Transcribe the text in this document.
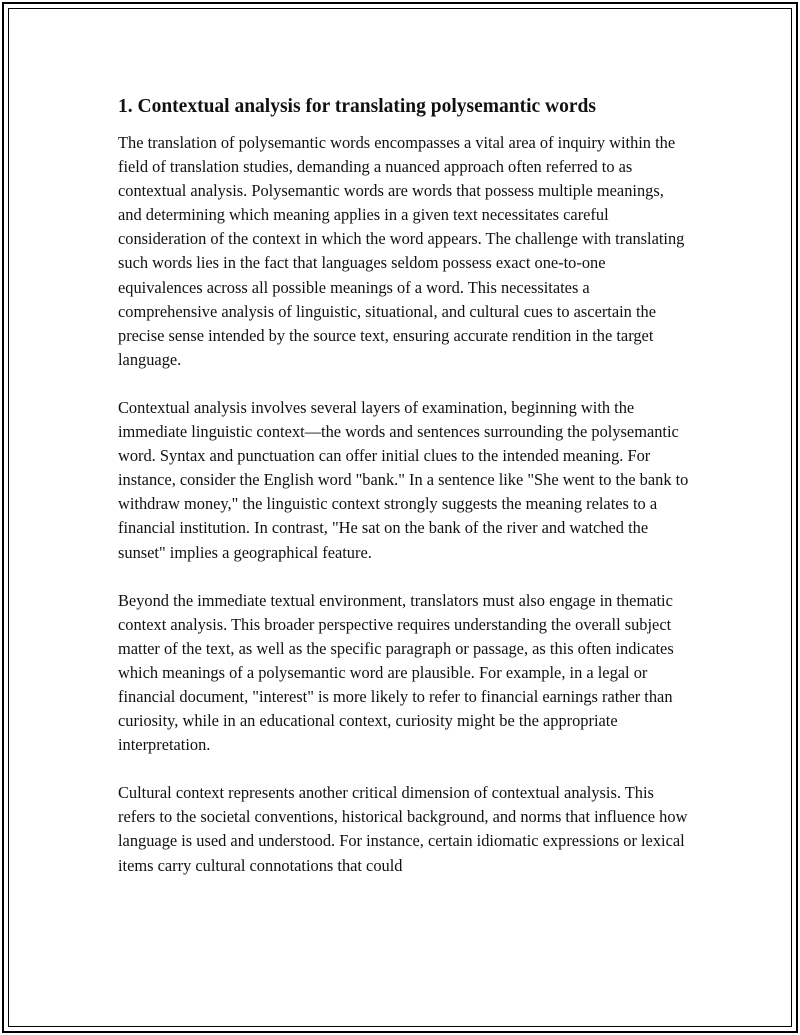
1. Contextual analysis for translating polysemantic words

The translation of polysemantic words encompasses a vital area of inquiry within the field of translation studies, demanding a nuanced approach often referred to as contextual analysis. Polysemantic words are words that possess multiple meanings, and determining which meaning applies in a given text necessitates careful consideration of the context in which the word appears. The challenge with translating such words lies in the fact that languages seldom possess exact one-to-one equivalences across all possible meanings of a word. This necessitates a comprehensive analysis of linguistic, situational, and cultural cues to ascertain the precise sense intended by the source text, ensuring accurate rendition in the target language.

Contextual analysis involves several layers of examination, beginning with the immediate linguistic context—the words and sentences surrounding the polysemantic word. Syntax and punctuation can offer initial clues to the intended meaning. For instance, consider the English word "bank." In a sentence like "She went to the bank to withdraw money," the linguistic context strongly suggests the meaning relates to a financial institution. In contrast, "He sat on the bank of the river and watched the sunset" implies a geographical feature.

Beyond the immediate textual environment, translators must also engage in thematic context analysis. This broader perspective requires understanding the overall subject matter of the text, as well as the specific paragraph or passage, as this often indicates which meanings of a polysemantic word are plausible. For example, in a legal or financial document, "interest" is more likely to refer to financial earnings rather than curiosity, while in an educational context, curiosity might be the appropriate interpretation.

Cultural context represents another critical dimension of contextual analysis. This refers to the societal conventions, historical background, and norms that influence how language is used and understood. For instance, certain idiomatic expressions or lexical items carry cultural connotations that could
